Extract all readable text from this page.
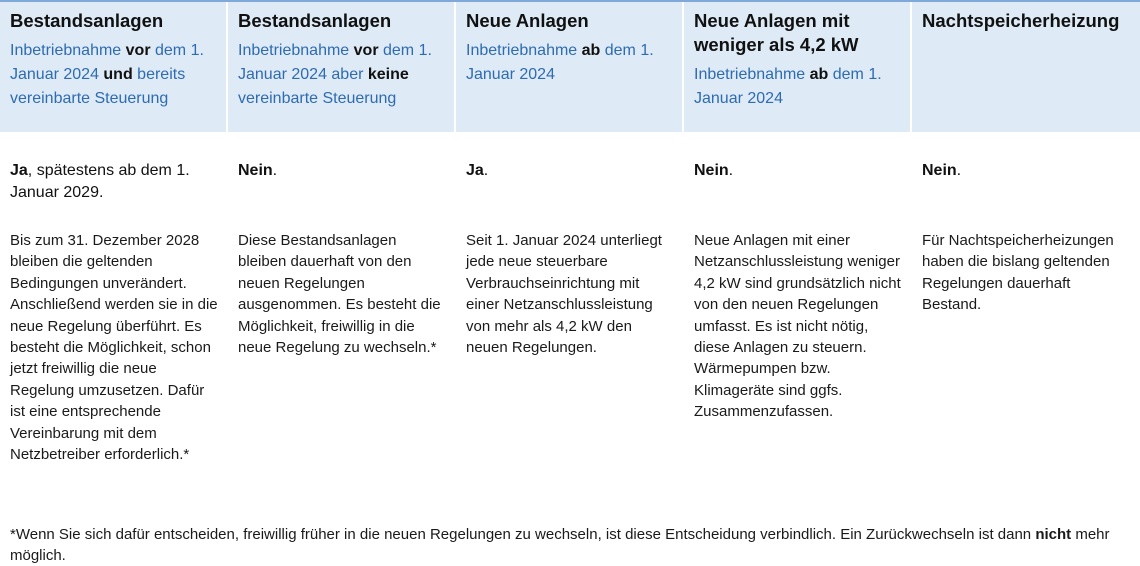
Bestandsanlagen
Inbetriebnahme vor dem 1. Januar 2024 und bereits vereinbarte Steuerung
Bestandsanlagen
Inbetriebnahme vor dem 1. Januar 2024 aber keine vereinbarte Steuerung
Neue Anlagen
Inbetriebnahme ab dem 1. Januar 2024
Neue Anlagen mit weniger als 4,2 kW
Inbetriebnahme ab dem 1. Januar 2024
Nachtspeicherheizung
Ja, spätestens ab dem 1. Januar 2029.
Bis zum 31. Dezember 2028 bleiben die geltenden Bedingungen unverändert. Anschließend werden sie in die neue Regelung überführt. Es besteht die Möglichkeit, schon jetzt freiwillig die neue Regelung umzusetzen. Dafür ist eine entsprechende Vereinbarung mit dem Netzbetreiber erforderlich.*
Nein.
Diese Bestandsanlagen bleiben dauerhaft von den neuen Regelungen ausgenommen. Es besteht die Möglichkeit, freiwillig in die neue Regelung zu wechseln.*
Ja.
Seit 1. Januar 2024 unterliegt jede neue steuerbare Verbrauchseinrichtung mit einer Netzanschlussleistung von mehr als 4,2 kW den neuen Regelungen.
Nein.
Neue Anlagen mit einer Netzanschlussleistung weniger 4,2 kW sind grundsätzlich nicht von den neuen Regelungen umfasst. Es ist nicht nötig, diese Anlagen zu steuern. Wärmepumpen bzw. Klimageräte sind ggfs. Zusammenzufassen.
Nein.
Für Nachtspeicherheizungen haben die bislang geltenden Regelungen dauerhaft Bestand.
*Wenn Sie sich dafür entscheiden, freiwillig früher in die neuen Regelungen zu wechseln, ist diese Entscheidung verbindlich. Ein Zurückwechseln ist dann nicht mehr möglich.
